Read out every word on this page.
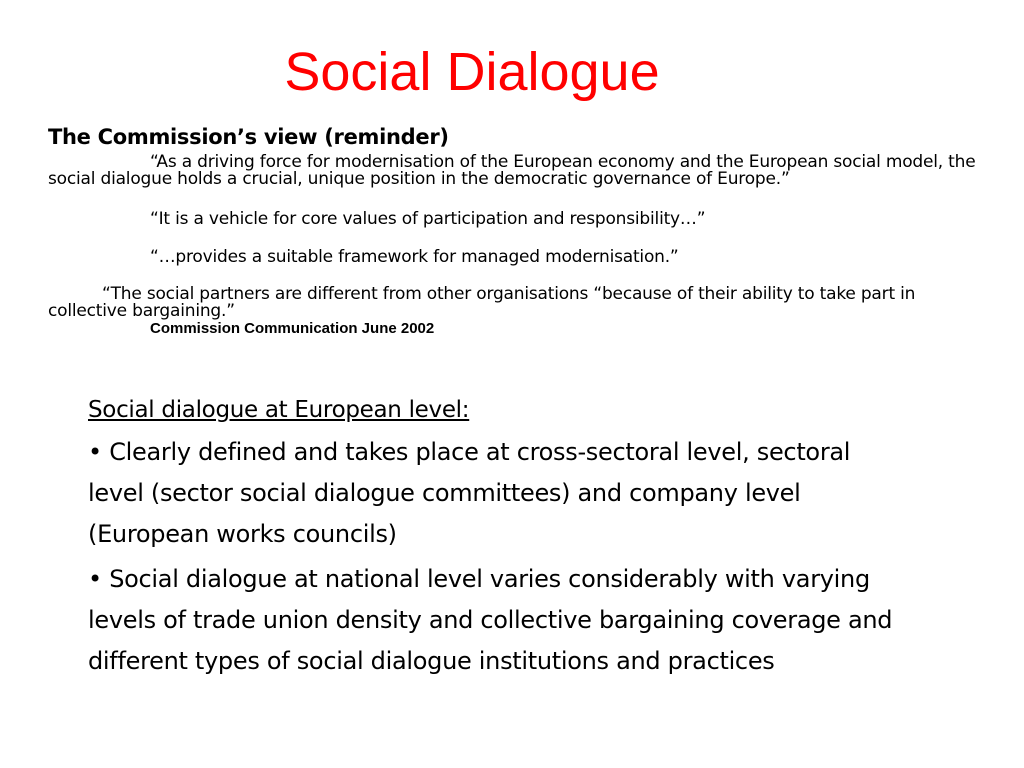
Social Dialogue
The Commission’s view (reminder)

“As a driving force for modernisation of the European economy and the European social model, the social dialogue holds a crucial, unique position in the democratic governance of Europe.”

“It is a vehicle for core values of participation and responsibility…”

“…provides a suitable framework for managed modernisation.”

“The social partners are different from other organisations “because of their ability to take part in collective bargaining.”

Commission Communication June 2002

Social dialogue at European level:

• Clearly defined and takes place at cross-sectoral level, sectoral level (sector social dialogue committees) and company level (European works councils)

• Social dialogue at national level varies considerably with varying levels of trade union density and collective bargaining coverage and different types of social dialogue institutions and practices
